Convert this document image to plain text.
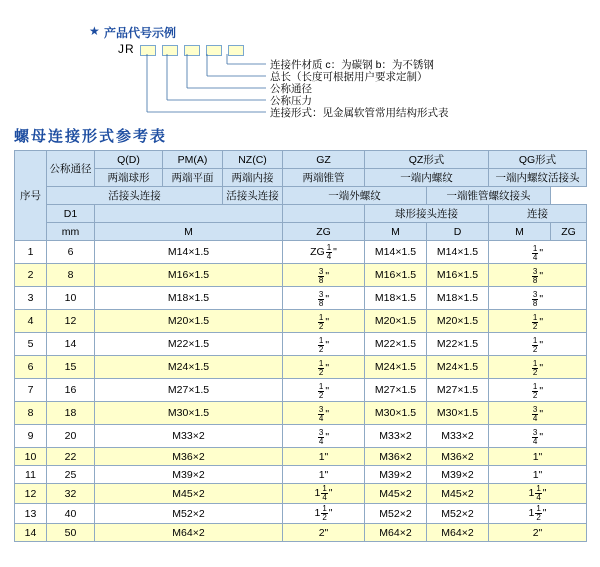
★ 产品代号示例
JR
连接件材质 c：为碳钢 b：为不锈钢
总长（长度可根据用户要求定制）
公称通径
公称压力
连接形式：见金属软管常用结构形式表
螺母连接形式参考表
序号	公称通径	Q(D)	PM(A)	NZ(C)	GZ	QZ形式		QG形式	
		两端球形	两端平面	两端内接	两端锥管	一端内螺纹		一端内螺纹活接头	
	活接头连接			活接头连接	一端外螺纹		一端锥管螺纹接头		
	D1					球形接头连接		连接	
	mm	M			ZG	M	D	M	ZG
1	6	M14×1.5			ZG $\frac{1}{4}$ "	M14×1.5	M14×1.5	$\frac{1}{4}$ "	

2	8	M16×1.5			$\frac{3}{8}$ "	M16×1.5	M16×1.5	$\frac{3}{8}$ "	

3	10	M18×1.5			$\frac{3}{8}$ "	M18×1.5	M18×1.5	$\frac{3}{8}$ "	

4	12	M20×1.5			$\frac{1}{2}$ "	M20×1.5	M20×1.5	$\frac{1}{2}$ "	

5	14	M22×1.5			$\frac{1}{2}$ "	M22×1.5	M22×1.5	$\frac{1}{2}$ "	

6	15	M24×1.5			$\frac{1}{2}$ "	M24×1.5	M24×1.5	$\frac{1}{2}$ "	

7	16	M27×1.5			$\frac{1}{2}$ "	M27×1.5	M27×1.5	$\frac{1}{2}$ "	

8	18	M30×1.5			$\frac{3}{4}$ "	M30×1.5	M30×1.5	$\frac{3}{4}$ "	

9	20	M33×2			$\frac{3}{4}$ "	M33×2	M33×2	$\frac{3}{4}$ "	

10	22	M36×2			1"	M36×2	M36×2	1"	
11	25	M39×2			1"	M39×2	M39×2	1"	
12	32	M45×2			$1 \frac{1}{4}$ "	M45×2	M45×2	$1 \frac{1}{4}$ "	

13	40	M52×2			$1 \frac{1}{2}$ "	M52×2	M52×2	$1 \frac{1}{2}$ "	

14	50	M64×2			2"	M64×2	M64×2	2"	
